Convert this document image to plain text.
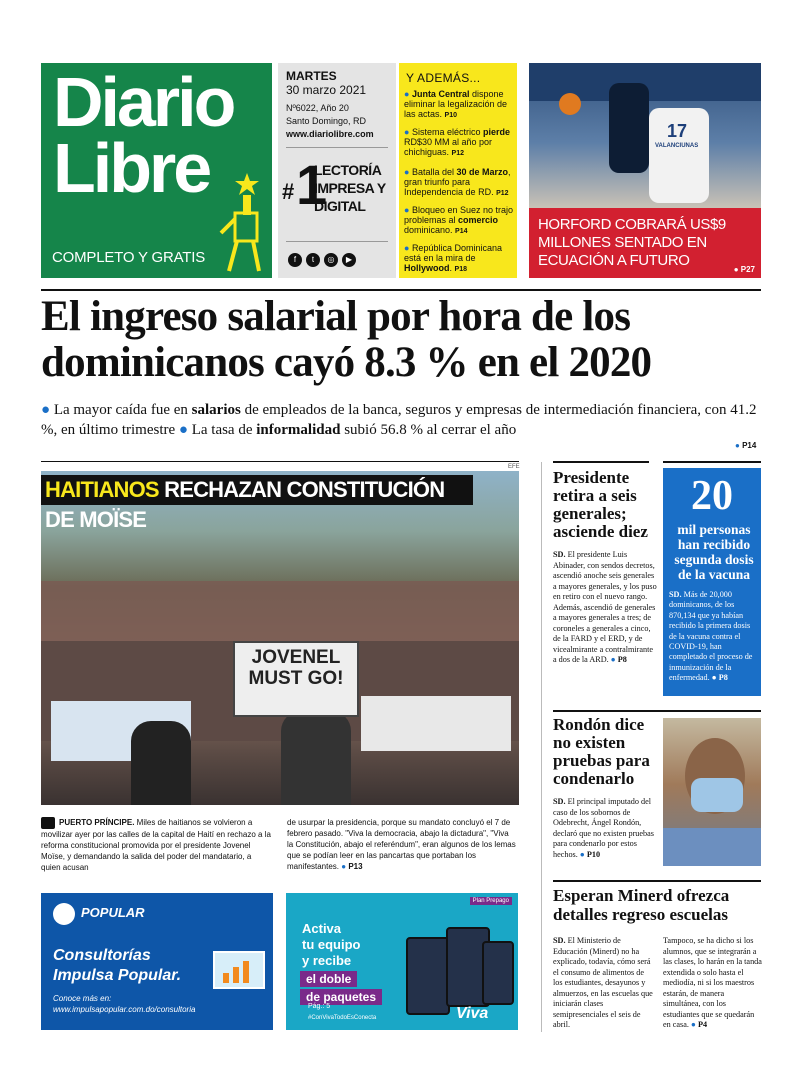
Diario
Libre
COMPLETO Y GRATIS
MARTES
30 marzo 2021
Nº6022, Año 20
Santo Domingo, RD
www.diariolibre.com
# 1
LECTORÍA IMPRESA Y DIGITAL
f t ◎ ▶
Y ADEMÁS...
● Junta Central dispone eliminar la legalización de las actas. P10
● Sistema eléctrico pierde RD$30 MM al año por chichiguas. P12
● Batalla del 30 de Marzo, gran triunfo para Independencia de RD. P12
● Bloqueo en Suez no trajo problemas al comercio dominicano. P14
● República Dominicana está en la mira de Hollywood. P18
17
VALANCIUNAS
HORFORD COBRARÁ US$9 MILLONES SENTADO EN ECUACIÓN A FUTURO
● P27
El ingreso salarial por hora de los dominicanos cayó 8.3 % en el 2020
● La mayor caída fue en salarios de empleados de la banca, seguros y empresas de intermediación financiera, con 41.2 %, en último trimestre ● La tasa de informalidad subió 56.8 % al cerrar el año
● P14
EFE
HAITIANOS RECHAZAN CONSTITUCIÓN DE MOÏSE
JOVENEL MUST GO!
PUERTO PRÍNCIPE. Miles de haitianos se volvieron a movilizar ayer por las calles de la capital de Haití en rechazo a la reforma constitucional promovida por el presidente Jovenel Moïse, y demandando la salida del poder del mandatario, a quien acusan
de usurpar la presidencia, porque su mandato concluyó el 7 de febrero pasado. "Viva la democracia, abajo la dictadura", "Viva la Constitución, abajo el referéndum", eran algunos de los lemas que se podían leer en las pancartas que portaban los manifestantes. ● P13
POPULAR
Consultorías
Impulsa Popular.
Conoce más en:
www.impulsapopular.com.do/consultoria
Plan Prepago
Activa
tu equipo
y recibe
el doble
de paquetes
Pág.: 5
#ConVivaTodoEsConecta	Viva
Presidente retira a seis generales; asciende diez
SD. El presidente Luis Abinader, con sendos decretos, ascendió anoche seis generales a mayores generales, y los puso en retiro con el nuevo rango. Además, ascendió de generales a mayores generales a tres; de coroneles a generales a cinco, de la FARD y el ERD, y de vicealmirante a contralmirante a dos de la ARD. ● P8
20
mil personas han recibido segunda dosis de la vacuna
SD. Más de 20,000 dominicanos, de los 870,134 que ya habían recibido la primera dosis de la vacuna contra el COVID-19, han completado el proceso de inmunización de la enfermedad. ● P8
Rondón dice no existen pruebas para condenarlo
SD. El principal imputado del caso de los sobornos de Odebrecht, Ángel Rondón, declaró que no existen pruebas para condenarlo por estos hechos. ● P10
Esperan Minerd ofrezca detalles regreso escuelas
SD. El Ministerio de Educación (Minerd) no ha explicado, todavía, cómo será el consumo de alimentos de los estudiantes, desayunos y almuerzos, en las escuelas que iniciarán clases semipresenciales el seis de abril.
Tampoco, se ha dicho si los alumnos, que se integrarán a las clases, lo harán en la tanda extendida o solo hasta el mediodía, ni si los maestros estarán, de manera simultánea, con los estudiantes que se quedarán en casa. ● P4
